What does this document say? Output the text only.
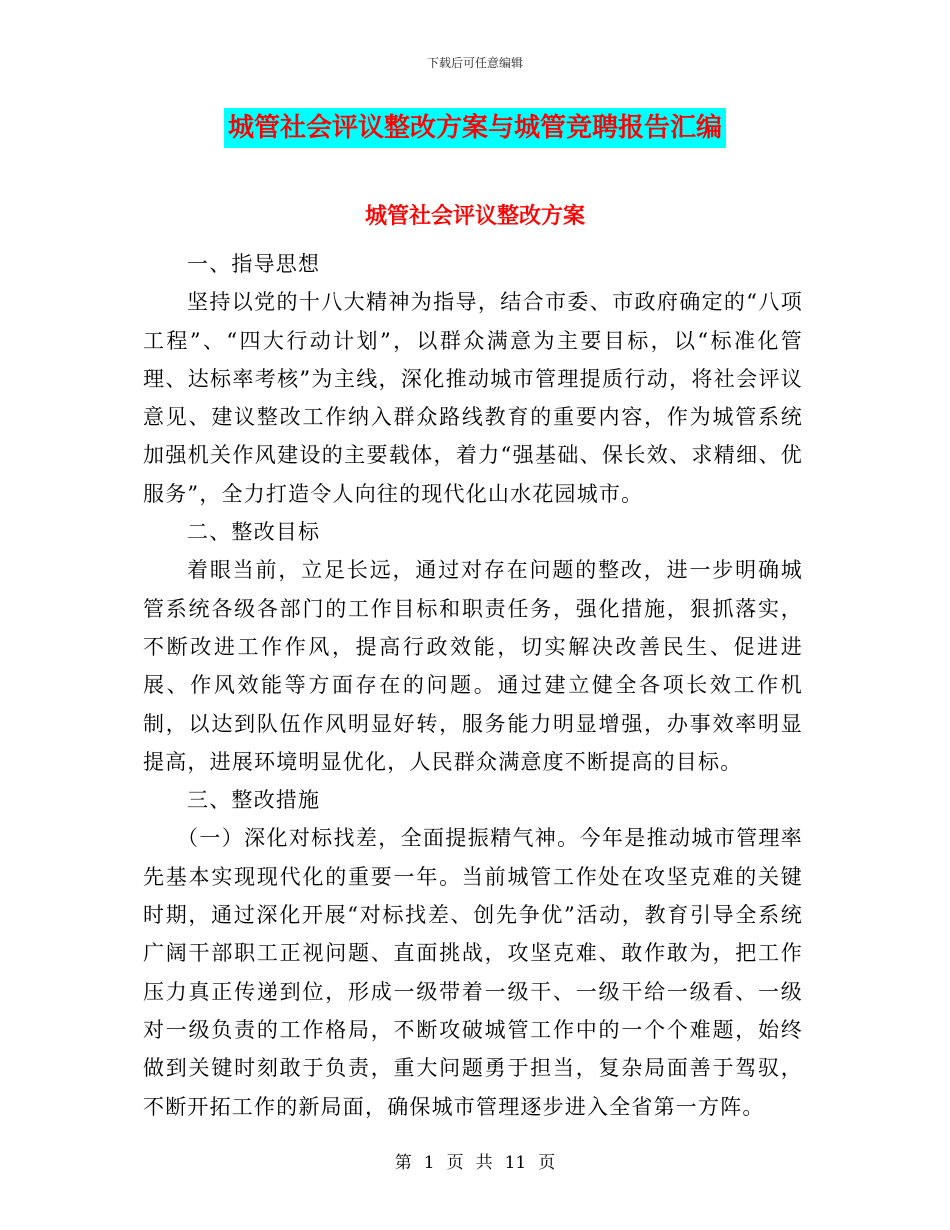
下载后可任意编辑
城管社会评议整改方案与城管竞聘报告汇编
城管社会评议整改方案

一、指导思想

坚持以党的十八大精神为指导，结合市委、市政府确定的“八项工程”、“四大行动计划”，以群众满意为主要目标，以“标准化管理、达标率考核”为主线，深化推动城市管理提质行动，将社会评议意见、建议整改工作纳入群众路线教育的重要内容，作为城管系统加强机关作风建设的主要载体，着力“强基础、保长效、求精细、优服务”，全力打造令人向往的现代化山水花园城市。

二、整改目标

着眼当前，立足长远，通过对存在问题的整改，进一步明确城管系统各级各部门的工作目标和职责任务，强化措施，狠抓落实，不断改进工作作风，提高行政效能，切实解决改善民生、促进进展、作风效能等方面存在的问题。通过建立健全各项长效工作机制，以达到队伍作风明显好转，服务能力明显增强，办事效率明显提高，进展环境明显优化，人民群众满意度不断提高的目标。

三、整改措施

（一）深化对标找差，全面提振精气神。今年是推动城市管理率先基本实现现代化的重要一年。当前城管工作处在攻坚克难的关键时期，通过深化开展“对标找差、创先争优”活动，教育引导全系统广阔干部职工正视问题、直面挑战，攻坚克难、敢作敢为，把工作压力真正传递到位，形成一级带着一级干、一级干给一级看、一级对一级负责的工作格局，不断攻破城管工作中的一个个难题，始终做到关键时刻敢于负责，重大问题勇于担当，复杂局面善于驾驭，不断开拓工作的新局面，确保城市管理逐步进入全省第一方阵。

第 1 页 共 11 页
